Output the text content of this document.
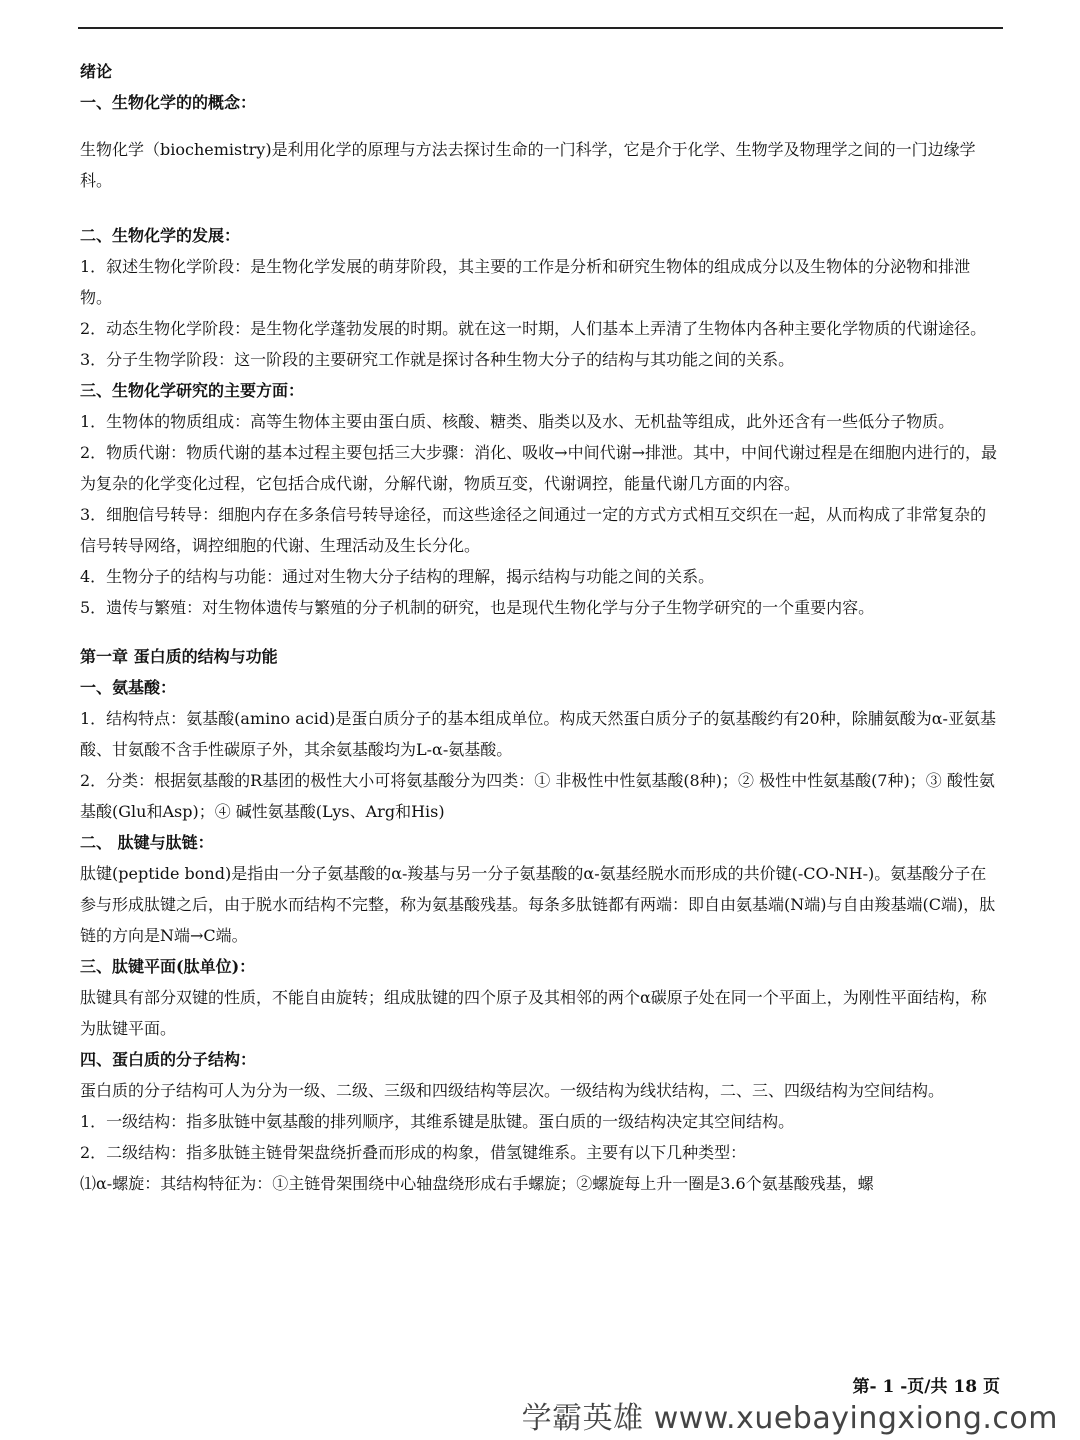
绪论

一、生物化学的的概念：

生物化学（biochemistry)是利用化学的原理与方法去探讨生命的一门科学，它是介于化学、生物学及物理学之间的一门边缘学科。

二、生物化学的发展：

1．叙述生物化学阶段：是生物化学发展的萌芽阶段，其主要的工作是分析和研究生物体的组成成分以及生物体的分泌物和排泄物。

2．动态生物化学阶段：是生物化学蓬勃发展的时期。就在这一时期，人们基本上弄清了生物体内各种主要化学物质的代谢途径。

3．分子生物学阶段：这一阶段的主要研究工作就是探讨各种生物大分子的结构与其功能之间的关系。

三、生物化学研究的主要方面：

1．生物体的物质组成：高等生物体主要由蛋白质、核酸、糖类、脂类以及水、无机盐等组成，此外还含有一些低分子物质。

2．物质代谢：物质代谢的基本过程主要包括三大步骤：消化、吸收→中间代谢→排泄。其中，中间代谢过程是在细胞内进行的，最为复杂的化学变化过程，它包括合成代谢，分解代谢，物质互变，代谢调控，能量代谢几方面的内容。

3．细胞信号转导：细胞内存在多条信号转导途径，而这些途径之间通过一定的方式方式相互交织在一起，从而构成了非常复杂的信号转导网络，调控细胞的代谢、生理活动及生长分化。

4．生物分子的结构与功能：通过对生物大分子结构的理解，揭示结构与功能之间的关系。

5．遗传与繁殖：对生物体遗传与繁殖的分子机制的研究，也是现代生物化学与分子生物学研究的一个重要内容。

第一章 蛋白质的结构与功能

一、氨基酸：

1．结构特点：氨基酸(amino acid)是蛋白质分子的基本组成单位。构成天然蛋白质分子的氨基酸约有20种，除脯氨酸为α-亚氨基酸、甘氨酸不含手性碳原子外，其余氨基酸均为L-α-氨基酸。

2．分类：根据氨基酸的R基团的极性大小可将氨基酸分为四类：① 非极性中性氨基酸(8种)；② 极性中性氨基酸(7种)；③ 酸性氨基酸(Glu和Asp)；④ 碱性氨基酸(Lys、Arg和His)

二、 肽键与肽链：

肽键(peptide bond)是指由一分子氨基酸的α-羧基与另一分子氨基酸的α-氨基经脱水而形成的共价键(-CO-NH-)。氨基酸分子在参与形成肽键之后，由于脱水而结构不完整，称为氨基酸残基。每条多肽链都有两端：即自由氨基端(N端)与自由羧基端(C端)，肽链的方向是N端→C端。

三、肽键平面(肽单位)：

肽键具有部分双键的性质，不能自由旋转；组成肽键的四个原子及其相邻的两个α碳原子处在同一个平面上，为刚性平面结构，称为肽键平面。

四、蛋白质的分子结构：

蛋白质的分子结构可人为分为一级、二级、三级和四级结构等层次。一级结构为线状结构，二、三、四级结构为空间结构。

1．一级结构：指多肽链中氨基酸的排列顺序，其维系键是肽键。蛋白质的一级结构决定其空间结构。

2．二级结构：指多肽链主链骨架盘绕折叠而形成的构象，借氢键维系。主要有以下几种类型：

⑴α-螺旋：其结构特征为：①主链骨架围绕中心轴盘绕形成右手螺旋；②螺旋每上升一圈是3.6个氨基酸残基，螺

第- 1 -页/共 18 页
学霸英雄 www.xuebayingxiong.com
